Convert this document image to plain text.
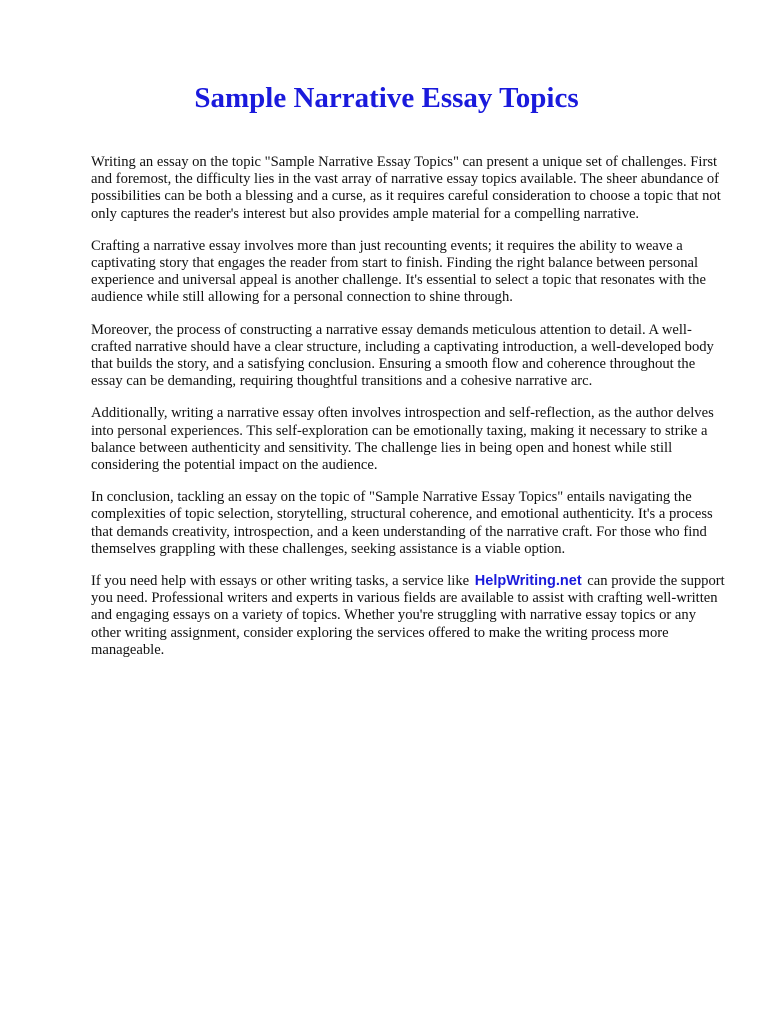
Sample Narrative Essay Topics

Writing an essay on the topic "Sample Narrative Essay Topics" can present a unique set of challenges. First and foremost, the difficulty lies in the vast array of narrative essay topics available. The sheer abundance of possibilities can be both a blessing and a curse, as it requires careful consideration to choose a topic that not only captures the reader's interest but also provides ample material for a compelling narrative.

Crafting a narrative essay involves more than just recounting events; it requires the ability to weave a captivating story that engages the reader from start to finish. Finding the right balance between personal experience and universal appeal is another challenge. It's essential to select a topic that resonates with the audience while still allowing for a personal connection to shine through.

Moreover, the process of constructing a narrative essay demands meticulous attention to detail. A well-crafted narrative should have a clear structure, including a captivating introduction, a well-developed body that builds the story, and a satisfying conclusion. Ensuring a smooth flow and coherence throughout the essay can be demanding, requiring thoughtful transitions and a cohesive narrative arc.

Additionally, writing a narrative essay often involves introspection and self-reflection, as the author delves into personal experiences. This self-exploration can be emotionally taxing, making it necessary to strike a balance between authenticity and sensitivity. The challenge lies in being open and honest while still considering the potential impact on the audience.

In conclusion, tackling an essay on the topic of "Sample Narrative Essay Topics" entails navigating the complexities of topic selection, storytelling, structural coherence, and emotional authenticity. It's a process that demands creativity, introspection, and a keen understanding of the narrative craft. For those who find themselves grappling with these challenges, seeking assistance is a viable option.

If you need help with essays or other writing tasks, a service like HelpWriting.net can provide the support you need. Professional writers and experts in various fields are available to assist with crafting well-written and engaging essays on a variety of topics. Whether you're struggling with narrative essay topics or any other writing assignment, consider exploring the services offered to make the writing process more manageable.
